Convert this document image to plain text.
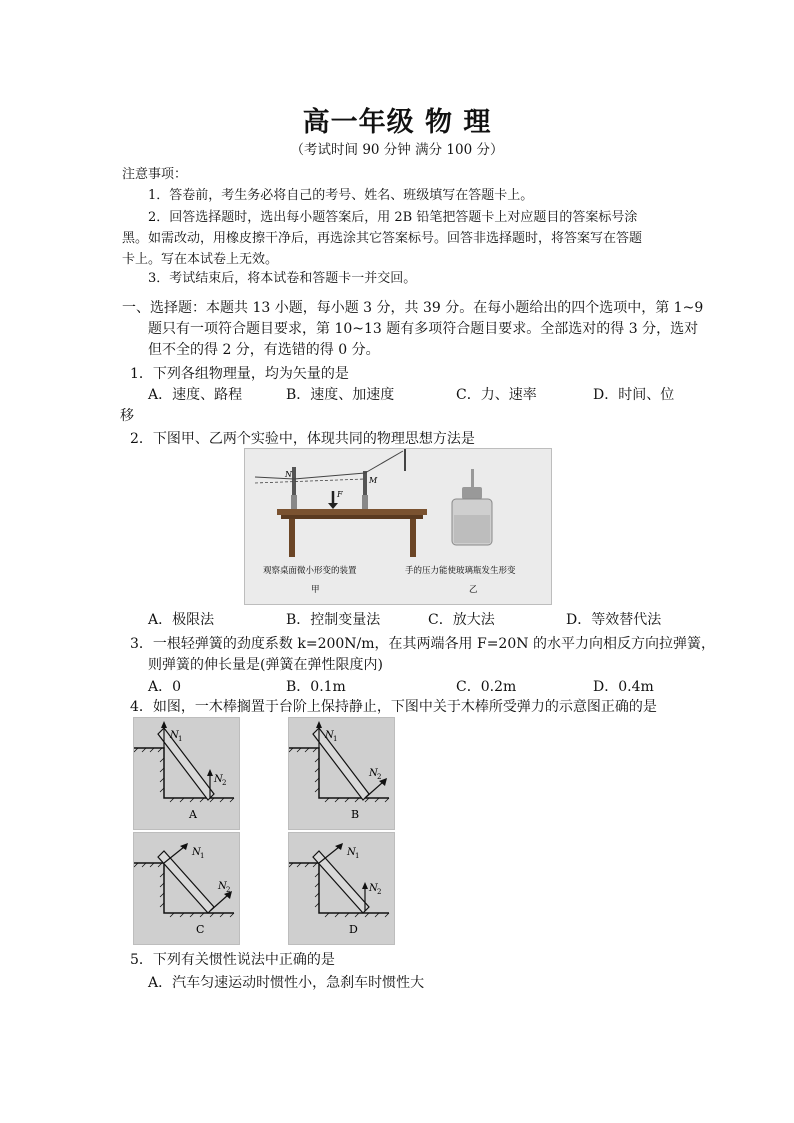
高一年级 物 理
（考试时间 90 分钟 满分 100 分）
注意事项：
1．答卷前，考生务必将自己的考号、姓名、班级填写在答题卡上。
2．回答选择题时，选出每小题答案后，用 2B 铅笔把答题卡上对应题目的答案标号涂
黑。如需改动，用橡皮擦干净后，再选涂其它答案标号。回答非选择题时，将答案写在答题
卡上。写在本试卷上无效。
3．考试结束后，将本试卷和答题卡一并交回。
一、选择题：本题共 13 小题，每小题 3 分，共 39 分。在每小题给出的四个选项中，第 1~9
题只有一项符合题目要求，第 10~13 题有多项符合题目要求。全部选对的得 3 分，选对
但不全的得 2 分，有选错的得 0 分。
1．下列各组物理量，均为矢量的是
A．速度、路程	B．速度、加速度	C．力、速率	D．时间、位
移
2．下图甲、乙两个实验中，体现共同的物理思想方法是
F
N
M
观察桌面微小形变的装置
甲
手的压力能使玻璃瓶发生形变
乙
A．极限法	B．控制变量法	C．放大法	D．等效替代法
3．一根轻弹簧的劲度系数 k=200N/m，在其两端各用 F=20N 的水平力向相反方向拉弹簧，
则弹簧的伸长量是(弹簧在弹性限度内)
A．0	B．0.1m	C．0.2m	D．0.4m
4．如图，一木棒搁置于台阶上保持静止，下图中关于木棒所受弹力的示意图正确的是
N 1
N 2
A
N 1
N 2
B
N 1
N 2
C
N 1
N 2
D
5．下列有关惯性说法中正确的是
A．汽车匀速运动时惯性小，急刹车时惯性大
